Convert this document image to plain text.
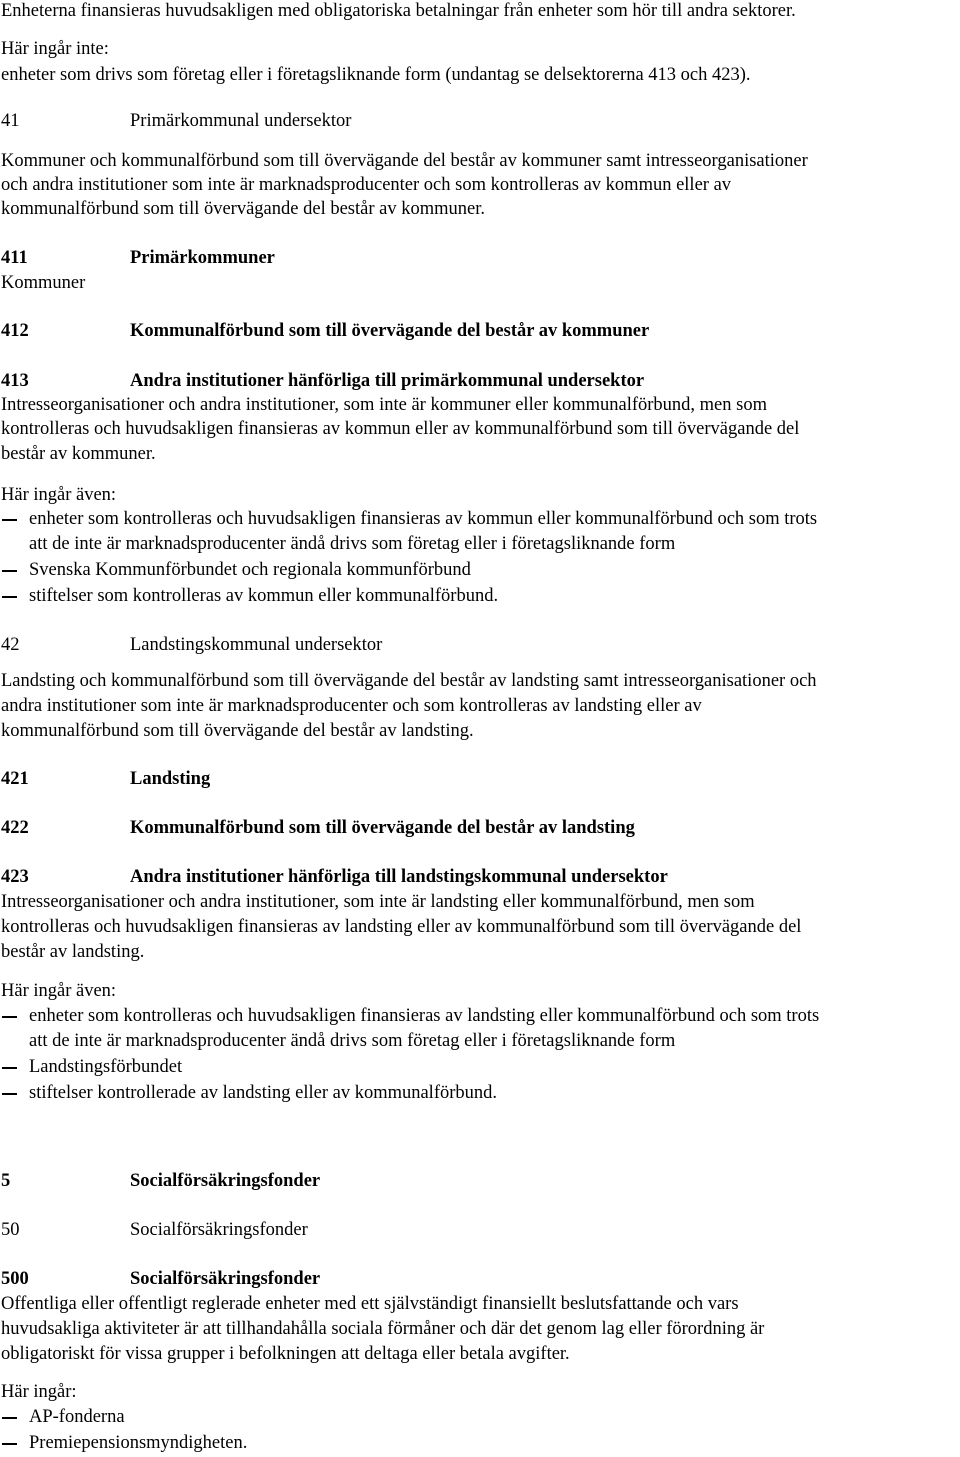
Enheterna finansieras huvudsakligen med obligatoriska betalningar från enheter som hör till andra sektorer.
Här ingår inte:
enheter som drivs som företag eller i företagsliknande form (undantag se delsektorerna 413 och 423).
41	Primärkommunal undersektor
Kommuner och kommunalförbund som till övervägande del består av kommuner samt intresseorganisationer
och andra institutioner som inte är marknadsproducenter och som kontrolleras av kommun eller av
kommunalförbund som till övervägande del består av kommuner.
411	Primärkommuner
Kommuner
412	Kommunalförbund som till övervägande del består av kommuner
413	Andra institutioner hänförliga till primärkommunal undersektor
Intresseorganisationer och andra institutioner, som inte är kommuner eller kommunalförbund, men som
kontrolleras och huvudsakligen finansieras av kommun eller av kommunalförbund som till övervägande del
består av kommuner.
Här ingår även:
enheter som kontrolleras och huvudsakligen finansieras av kommun eller kommunalförbund och som trots
att de inte är marknadsproducenter ändå drivs som företag eller i företagsliknande form
Svenska Kommunförbundet och regionala kommunförbund
stiftelser som kontrolleras av kommun eller kommunalförbund.
42	Landstingskommunal undersektor
Landsting och kommunalförbund som till övervägande del består av landsting samt intresseorganisationer och
andra institutioner som inte är marknadsproducenter och som kontrolleras av landsting eller av
kommunalförbund som till övervägande del består av landsting.
421	Landsting
422	Kommunalförbund som till övervägande del består av landsting
423	Andra institutioner hänförliga till landstingskommunal undersektor
Intresseorganisationer och andra institutioner, som inte är landsting eller kommunalförbund, men som
kontrolleras och huvudsakligen finansieras av landsting eller av kommunalförbund som till övervägande del
består av landsting.
Här ingår även:
enheter som kontrolleras och huvudsakligen finansieras av landsting eller kommunalförbund och som trots
att de inte är marknadsproducenter ändå drivs som företag eller i företagsliknande form
Landstingsförbundet
stiftelser kontrollerade av landsting eller av kommunalförbund.
5	Socialförsäkringsfonder
50	Socialförsäkringsfonder
500	Socialförsäkringsfonder
Offentliga eller offentligt reglerade enheter med ett självständigt finansiellt beslutsfattande och vars
huvudsakliga aktiviteter är att tillhandahålla sociala förmåner och där det genom lag eller förordning är
obligatoriskt för vissa grupper i befolkningen att deltaga eller betala avgifter.
Här ingår:
AP-fonderna
Premiepensionsmyndigheten.
